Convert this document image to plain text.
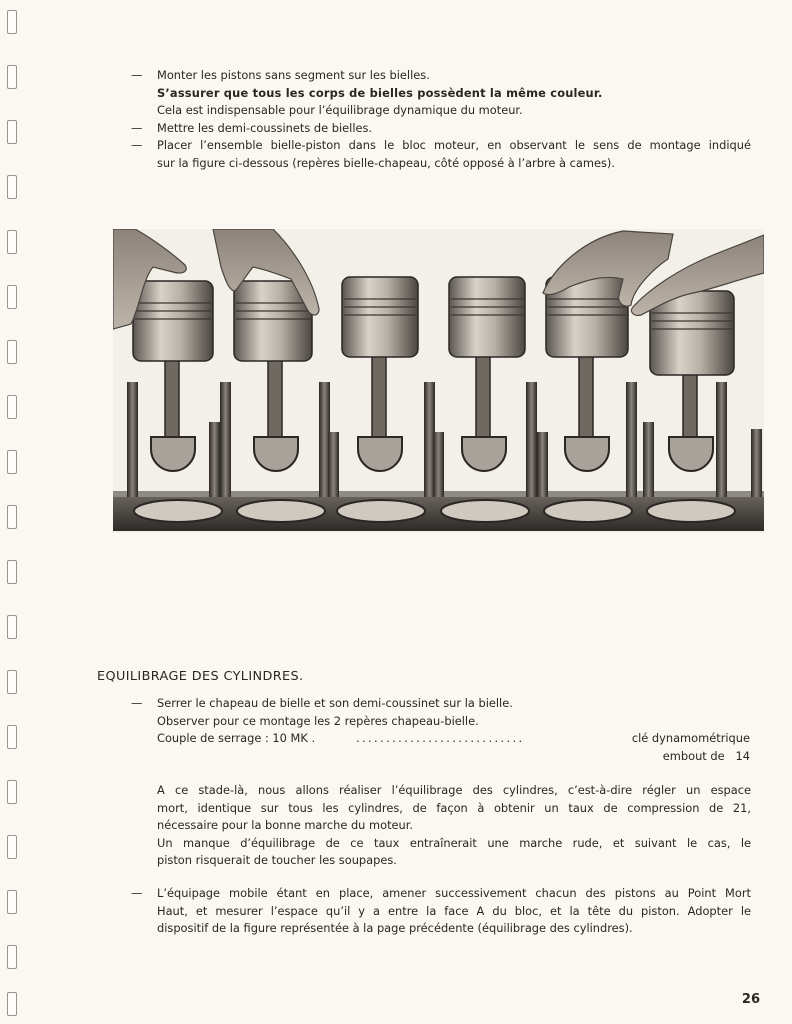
— Monter les pistons sans segment sur les bielles.
S’assurer que tous les corps de bielles possèdent la même couleur.
Cela est indispensable pour l’équilibrage dynamique du moteur.
— Mettre les demi-coussinets de bielles.
— Placer l’ensemble bielle-piston dans le bloc moteur, en observant le sens de montage indiqué
sur la figure ci-dessous (repères bielle-chapeau, côté opposé à l’arbre à cames).
EQUILIBRAGE DES CYLINDRES.
— Serrer le chapeau de bielle et son demi-coussinet sur la bielle.
Observer pour ce montage les 2 repères chapeau-bielle.
Couple de serrage : 10 MK .	............................	clé dynamométrique
embout de   14
A ce stade-là, nous allons réaliser l’équilibrage des cylindres, c’est-à-dire régler un espace
mort, identique sur tous les cylindres, de façon à obtenir un taux de compression de 21,
nécessaire pour la bonne marche du moteur.
Un manque d’équilibrage de ce taux entraînerait une marche rude, et suivant le cas, le
piston risquerait de toucher les soupapes.
— L’équipage mobile étant en place, amener successivement chacun des pistons au Point Mort
Haut, et mesurer l’espace qu’il y a entre la face A du bloc, et la tête du piston. Adopter le
dispositif de la figure représentée à la page précédente (équilibrage des cylindres).
26
